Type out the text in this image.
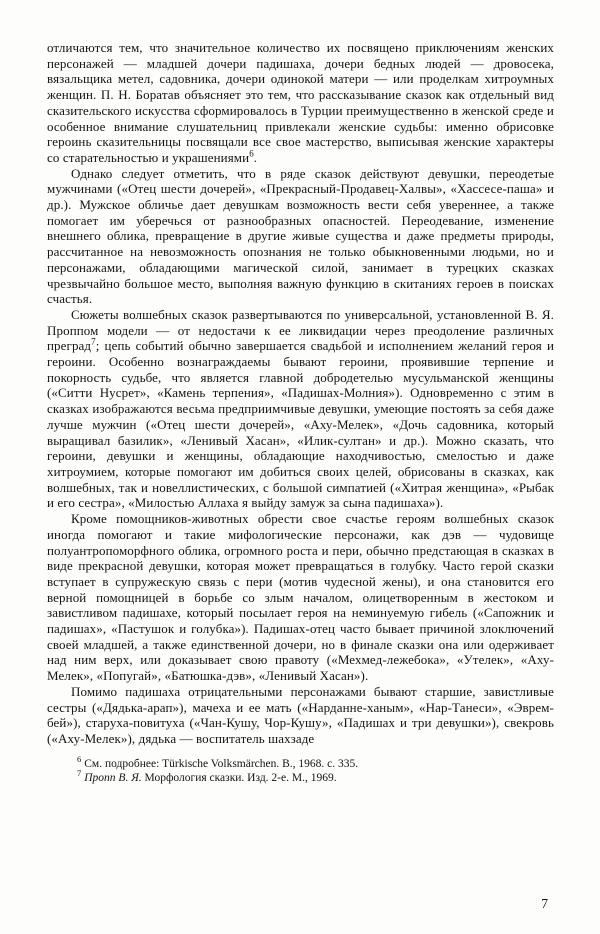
отличаются тем, что значительное количество их посвящено приключениям женских персонажей — младшей дочери падишаха, дочери бедных людей — дровосека, вязальщика метел, садовника, дочери одинокой матери — или проделкам хитроумных женщин. П. Н. Боратав объясняет это тем, что рассказывание сказок как отдельный вид сказительского искусства сформировалось в Турции преимущественно в женской среде и особенное внимание слушательниц привлекали женские судьбы: именно обрисовке героинь сказительницы посвящали все свое мастерство, выписывая женские характеры со старательностью и украшениями$^6$.

Однако следует отметить, что в ряде сказок действуют девушки, переодетые мужчинами («Отец шести дочерей», «Прекрасный-Продавец-Халвы», «Хассесе-паша» и др.). Мужское обличье дает девушкам возможность вести себя увереннее, а также помогает им уберечься от разнообразных опасностей. Переодевание, изменение внешнего облика, превращение в другие живые существа и даже предметы природы, рассчитанное на невозможность опознания не только обыкновенными людьми, но и персонажами, обладающими магической силой, занимает в турецких сказках чрезвычайно большое место, выполняя важную функцию в скитаниях героев в поисках счастья.

Сюжеты волшебных сказок развертываются по универсальной, установленной В. Я. Проппом модели — от недостачи к ее ликвидации через преодоление различных преград$^7$; цепь событий обычно завершается свадьбой и исполнением желаний героя и героини. Особенно вознаграждаемы бывают героини, проявившие терпение и покорность судьбе, что является главной добродетелью мусульманской женщины («Ситти Нусрет», «Камень терпения», «Падишах-Молния»). Одновременно с этим в сказках изображаются весьма предприимчивые девушки, умеющие постоять за себя даже лучше мужчин («Отец шести дочерей», «Аху-Мелек», «Дочь садовника, который выращивал базилик», «Ленивый Хасан», «Илик-султан» и др.). Можно сказать, что героини, девушки и женщины, обладающие находчивостью, смелостью и даже хитроумием, которые помогают им добиться своих целей, обрисованы в сказках, как волшебных, так и новеллистических, с большой симпатией («Хитрая женщина», «Рыбак и его сестра», «Милостью Аллаха я выйду замуж за сына падишаха»).

Кроме помощников-животных обрести свое счастье героям волшебных сказок иногда помогают и такие мифологические персонажи, как дэв — чудовище полуантропоморфного облика, огромного роста и пери, обычно предстающая в сказках в виде прекрасной девушки, которая может превращаться в голубку. Часто герой сказки вступает в супружескую связь с пери (мотив чудесной жены), и она становится его верной помощницей в борьбе со злым началом, олицетворенным в жестоком и завистливом падишахе, который посылает героя на неминуемую гибель («Сапожник и падишах», «Пастушок и голубка»). Падишах-отец часто бывает причиной злоключений своей младшей, а также единственной дочери, но в финале сказки она или одерживает над ним верх, или доказывает свою правоту («Мехмед-лежебока», «Утелек», «Аху-Мелек», «Попугай», «Батюшка-дэв», «Ленивый Хасан»).

Помимо падишаха отрицательными персонажами бывают старшие, завистливые сестры («Дядька-арап»), мачеха и ее мать («Нарданне-ханым», «Нар-Танеси», «Эврем-бей»), старуха-повитуха («Чан-Кушу, Чор-Кушу», «Падишах и три девушки»), свекровь («Аху-Мелек»), дядька — воспитатель шахзаде

$^6$ См. подробнее: Türkische Volksmärchen. B., 1968. с. 335.

$^7$ Пропп В. Я. Морфология сказки. Изд. 2-е. М., 1969.

7
